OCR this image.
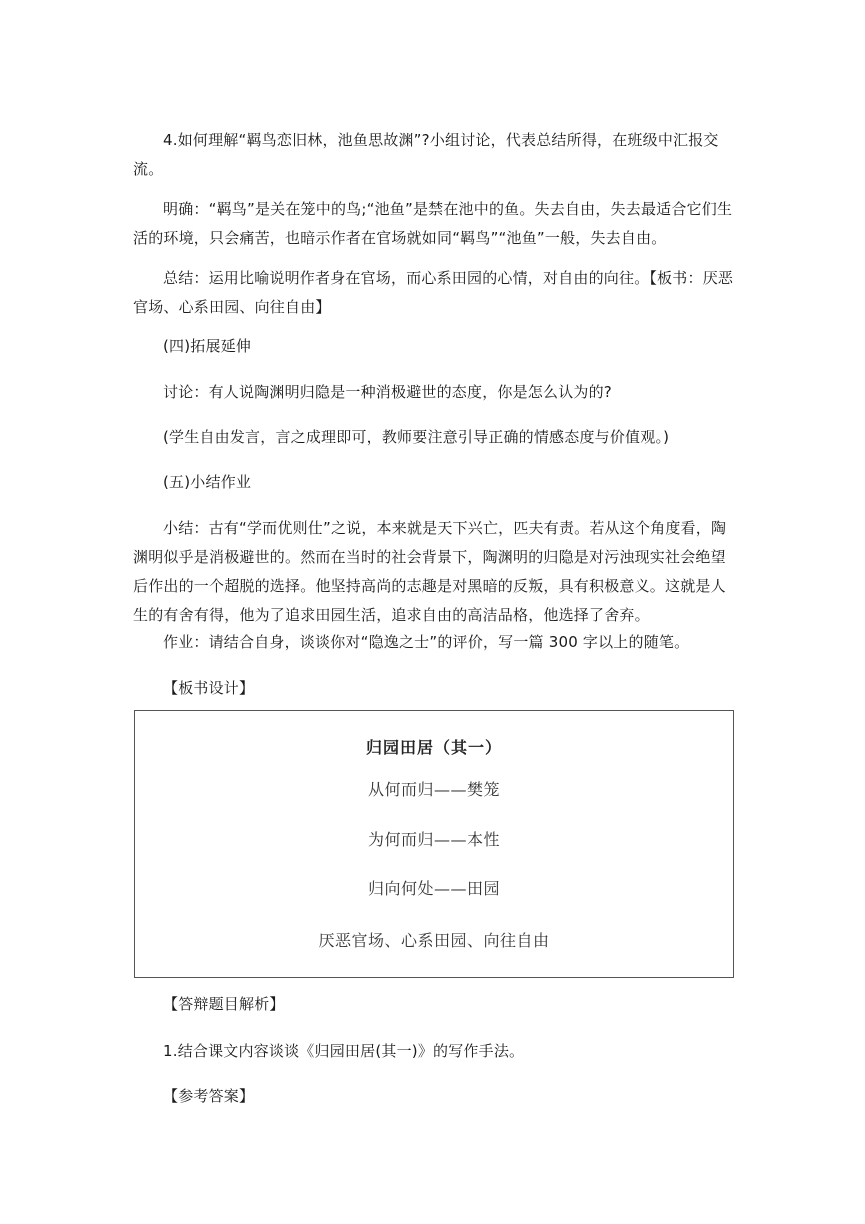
4.如何理解“羁鸟恋旧林，池鱼思故渊”?小组讨论，代表总结所得，在班级中汇报交流。

明确：“羁鸟”是关在笼中的鸟;“池鱼”是禁在池中的鱼。失去自由，失去最适合它们生活的环境，只会痛苦，也暗示作者在官场就如同“羁鸟”“池鱼”一般，失去自由。

总结：运用比喻说明作者身在官场，而心系田园的心情，对自由的向往。【板书：厌恶官场、心系田园、向往自由】

(四)拓展延伸

讨论：有人说陶渊明归隐是一种消极避世的态度，你是怎么认为的?

(学生自由发言，言之成理即可，教师要注意引导正确的情感态度与价值观。)

(五)小结作业

小结：古有“学而优则仕”之说，本来就是天下兴亡，匹夫有责。若从这个角度看，陶渊明似乎是消极避世的。然而在当时的社会背景下，陶渊明的归隐是对污浊现实社会绝望后作出的一个超脱的选择。他坚持高尚的志趣是对黑暗的反叛，具有积极意义。这就是人生的有舍有得，他为了追求田园生活，追求自由的高洁品格，他选择了舍弃。

作业：请结合自身，谈谈你对“隐逸之士”的评价，写一篇 300 字以上的随笔。

【板书设计】

归园田居（其一）
从何而归——樊笼
为何而归——本性
归向何处——田园
厌恶官场、心系田园、向往自由

【答辩题目解析】

1.结合课文内容谈谈《归园田居(其一)》的写作手法。

【参考答案】
